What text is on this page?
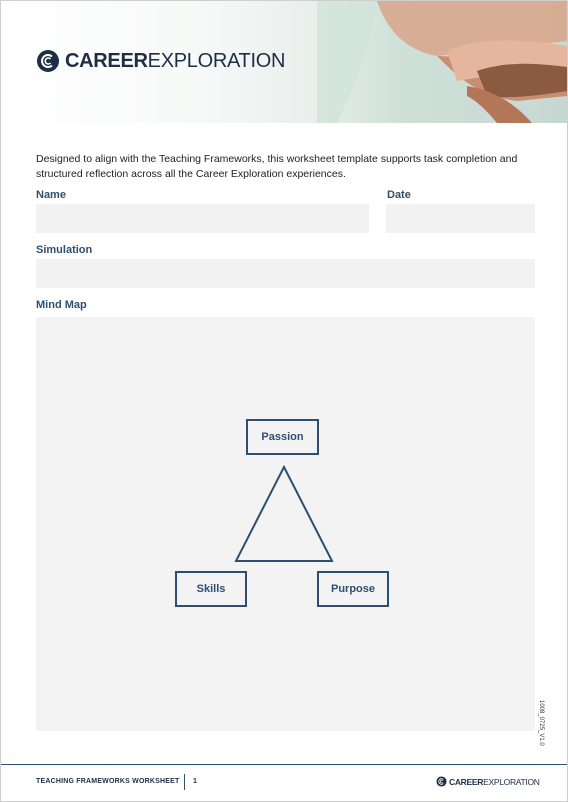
CAREEREXPLORATION
Designed to align with the Teaching Frameworks, this worksheet template supports task completion and structured reflection across all the Career Exploration experiences.
Name	Date
Simulation
Mind Map
Passion
Skills	Purpose
1008_0725_V1.0
TEACHING FRAMEWORKS WORKSHEET 1	CAREEREXPLORATION
